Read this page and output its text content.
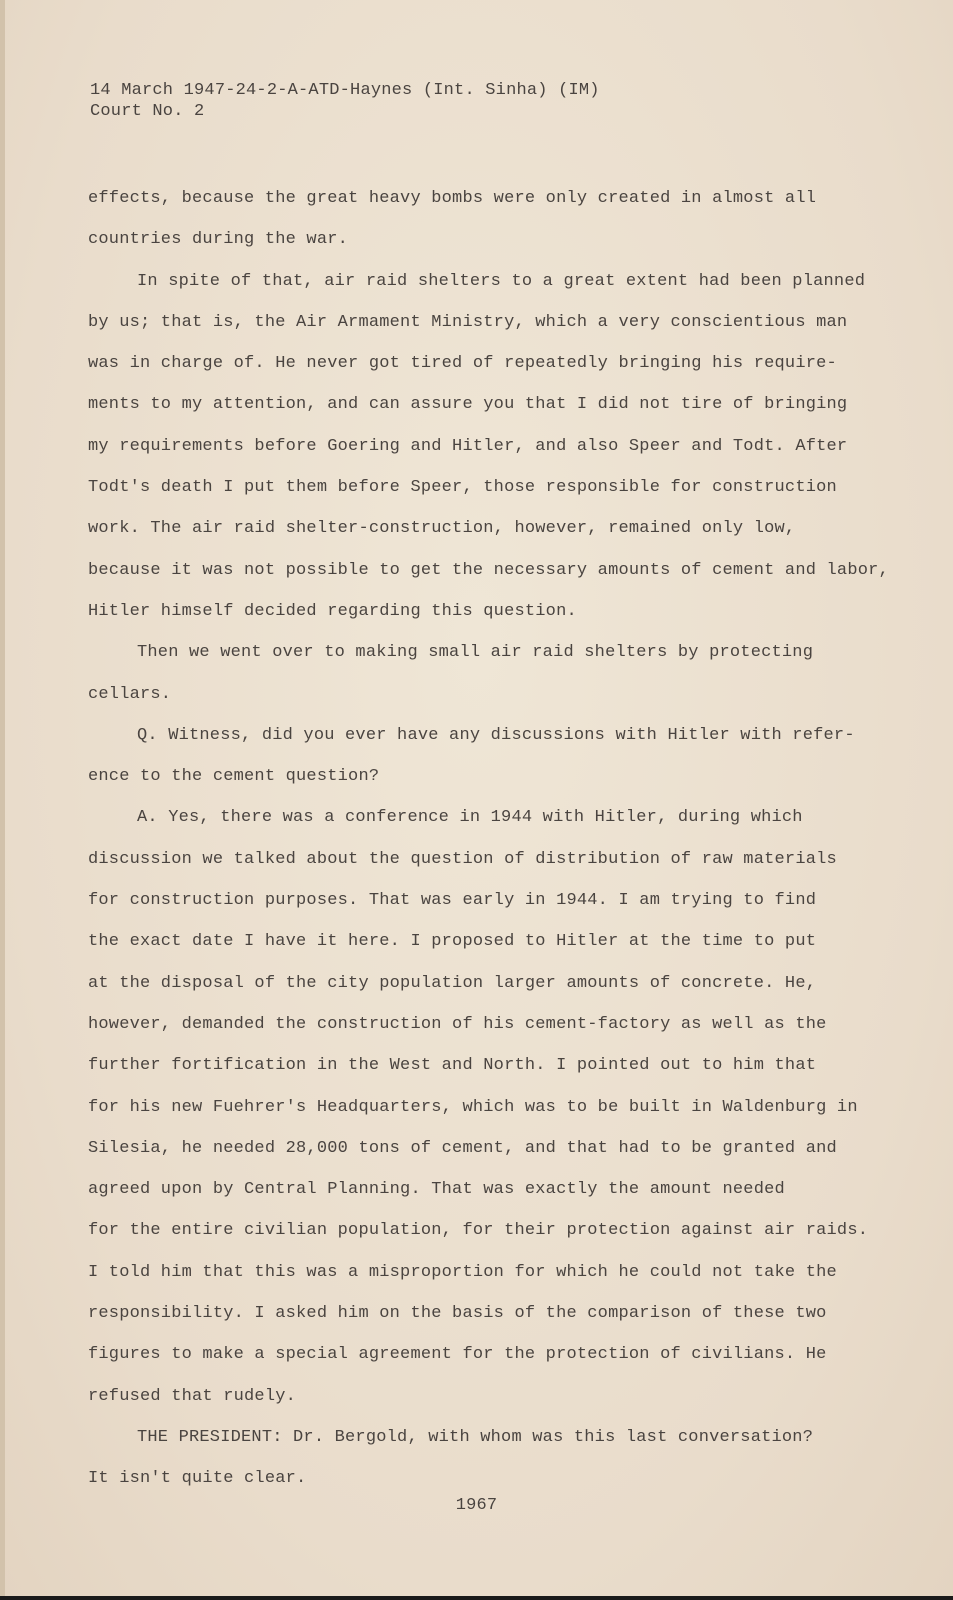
14 March 1947-24-2-A-ATD-Haynes (Int. Sinha) (IM)
Court No. 2
effects, because the great heavy bombs were only created in almost all
countries during the war.
In spite of that, air raid shelters to a great extent had been planned
by us; that is, the Air Armament Ministry, which a very conscientious man
was in charge of. He never got tired of repeatedly bringing his require-
ments to my attention, and can assure you that I did not tire of bringing
my requirements before Goering and Hitler, and also Speer and Todt. After
Todt's death I put them before Speer, those responsible for construction
work. The air raid shelter-construction, however, remained only low,
because it was not possible to get the necessary amounts of cement and labor,
Hitler himself decided regarding this question.
Then we went over to making small air raid shelters by protecting
cellars.
Q. Witness, did you ever have any discussions with Hitler with refer-
ence to the cement question?
A. Yes, there was a conference in 1944 with Hitler, during which
discussion we talked about the question of distribution of raw materials
for construction purposes. That was early in 1944. I am trying to find
the exact date I have it here. I proposed to Hitler at the time to put
at the disposal of the city population larger amounts of concrete. He,
however, demanded the construction of his cement-factory as well as the
further fortification in the West and North. I pointed out to him that
for his new Fuehrer's Headquarters, which was to be built in Waldenburg in
Silesia, he needed 28,000 tons of cement, and that had to be granted and
agreed upon by Central Planning. That was exactly the amount needed
for the entire civilian population, for their protection against air raids.
I told him that this was a misproportion for which he could not take the
responsibility. I asked him on the basis of the comparison of these two
figures to make a special agreement for the protection of civilians. He
refused that rudely.
THE PRESIDENT: Dr. Bergold, with whom was this last conversation?
It isn't quite clear.
1967
